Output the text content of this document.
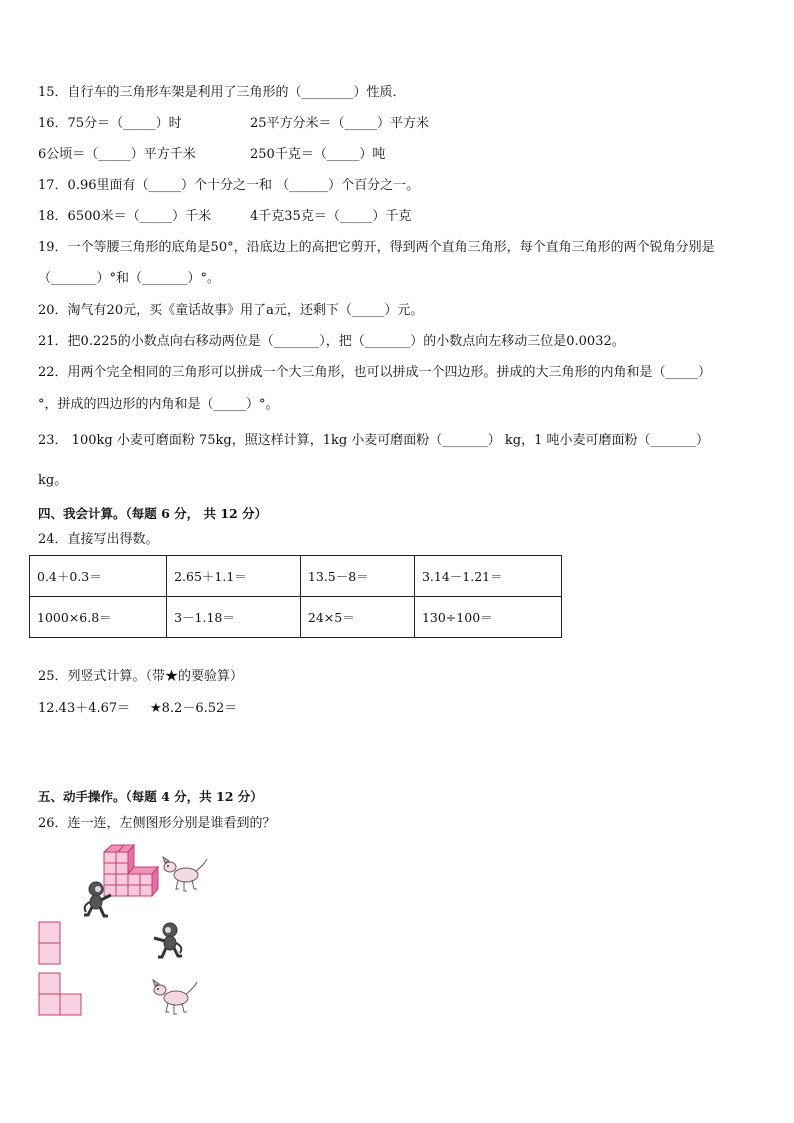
15．自行车的三角形车架是利用了三角形的（________）性质．
16．75分＝（_____）时	25平方分米＝（_____）平方米
6公顷＝（_____）平方千米	250千克＝（_____）吨
17．0.96里面有（_____）个十分之一和 （______）个百分之一。
18．6500米＝（_____）千米	4千克35克＝（_____）千克
19．一个等腰三角形的底角是50°，沿底边上的高把它剪开，得到两个直角三角形，每个直角三角形的两个锐角分别是
（_______）°和（_______）°。
20．淘气有20元，买《童话故事》用了a元，还剩下（_____）元。
21．把0.225的小数点向右移动两位是（_______），把（_______）的小数点向左移动三位是0.0032。
22．用两个完全相同的三角形可以拼成一个大三角形，也可以拼成一个四边形。拼成的大三角形的内角和是（_____）
°，拼成的四边形的内角和是（_____）°。
23． 100kg 小麦可磨面粉 75kg，照这样计算，1kg 小麦可磨面粉（_______） kg，1 吨小麦可磨面粉（_______）
kg。
四、我会计算。（每题 6 分， 共 12 分）
24．直接写出得数。
0.4＋0.3＝	2.65＋1.1＝	13.5－8＝	3.14－1.21＝
1000×6.8＝	3－1.18＝	24×5＝	130÷100＝
25．列竖式计算。（带★的要验算）
12.43＋4.67＝ ★8.2－6.52＝
五、动手操作。（每题 4 分，共 12 分）
26．连一连，左侧图形分别是谁看到的？
